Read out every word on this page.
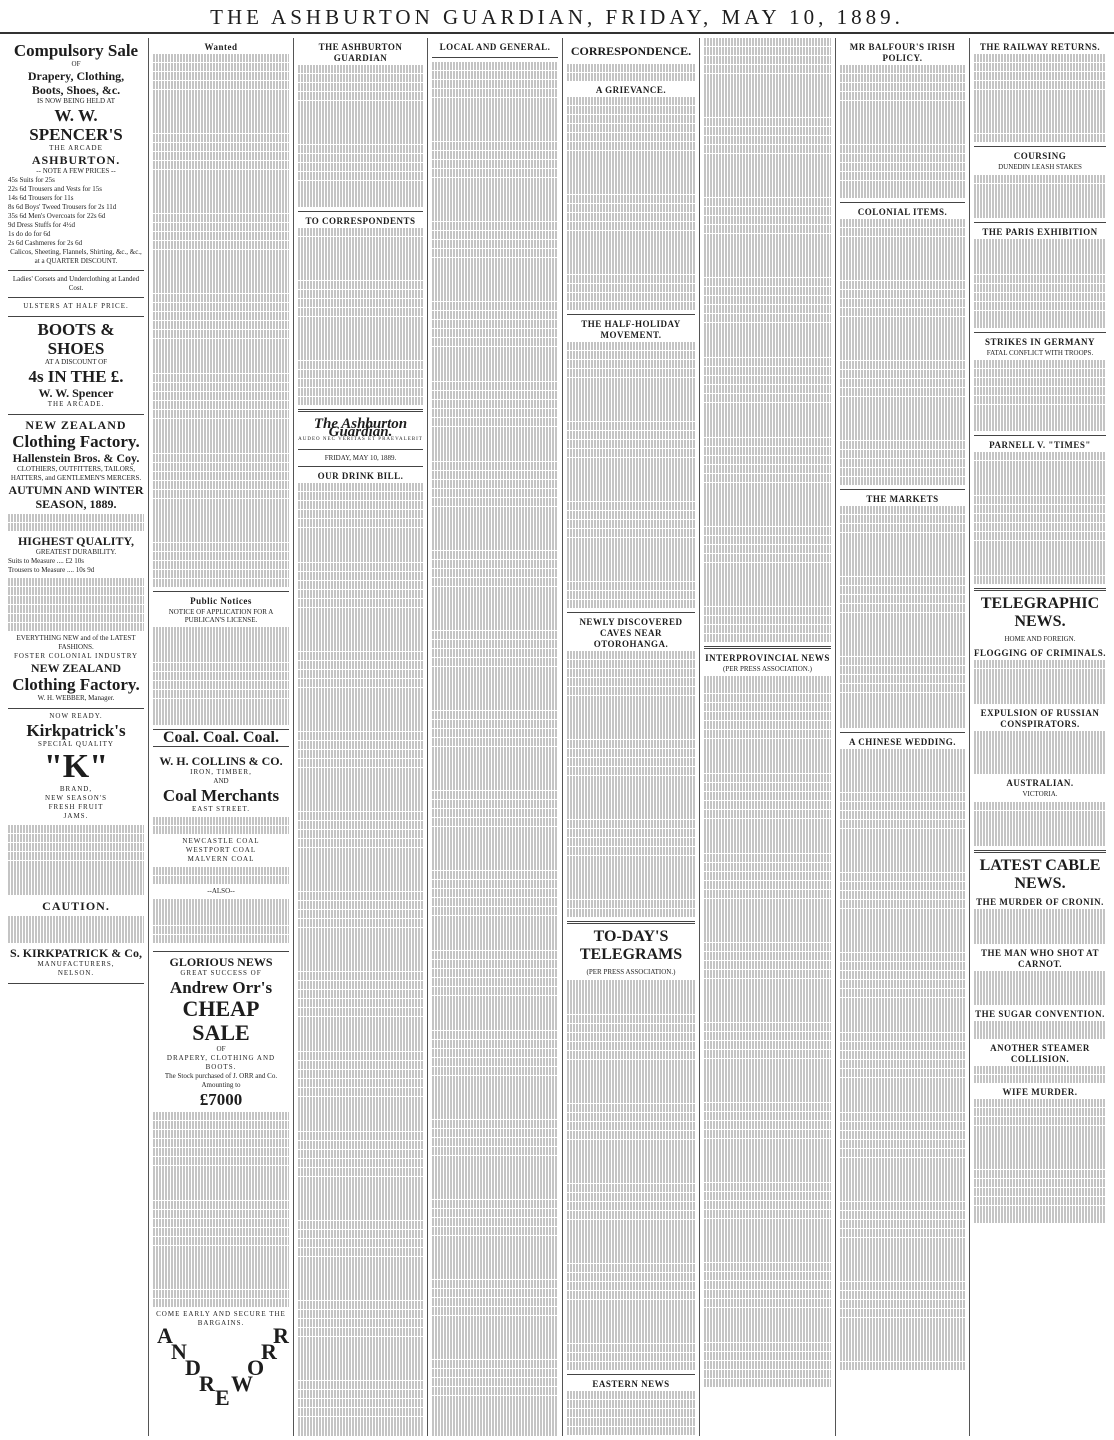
THE ASHBURTON GUARDIAN, FRIDAY, MAY 10, 1889.
Compulsory Sale
OF
Drapery, Clothing,
Boots, Shoes, &c.
IS NOW BEING HELD AT
W. W. SPENCER'S
THE ARCADE
ASHBURTON.
-- NOTE A FEW PRICES --
45s Suits for 25s
22s 6d Trousers and Vests for 15s
14s 6d Trousers for 11s
8s 6d Boys' Tweed Trousers for 2s 11d
35s 6d Men's Overcoats for 22s 6d
9d Dress Stuffs for 4½d
1s do do for 6d
2s 6d Cashmeres for 2s 6d
Calicos, Sheeting, Flannels, Shirting, &c., &c., at a QUARTER DISCOUNT.
Ladies' Corsets and Underclothing at Landed Cost.
ULSTERS AT HALF PRICE.
BOOTS & SHOES
AT A DISCOUNT OF
4s IN THE £.
W. W. Spencer
THE ARCADE.
NEW ZEALAND
Clothing Factory.
Hallenstein Bros. & Coy.
CLOTHIERS, OUTFITTERS, TAILORS, HATTERS, and GENTLEMEN'S MERCERS.
AUTUMN AND WINTER
SEASON, 1889.
HIGHEST QUALITY,
GREATEST DURABILITY.
Suits to Measure .... £2 10s
Trousers to Measure .... 10s 9d
EVERYTHING NEW and of the LATEST FASHIONS.
FOSTER COLONIAL INDUSTRY
NEW ZEALAND
Clothing Factory.
W. H. WEBBER, Manager.
NOW READY.
Kirkpatrick's
SPECIAL QUALITY
"K"
BRAND,
NEW SEASON'S
FRESH FRUIT
JAMS.
CAUTION.
S. KIRKPATRICK & Co,
MANUFACTURERS,
NELSON.
Wanted
Public Notices
NOTICE OF APPLICATION FOR A PUBLICAN'S LICENSE.
Coal. Coal. Coal.
W. H. COLLINS & CO.
IRON, TIMBER,
AND
Coal Merchants
EAST STREET.
NEWCASTLE COAL
WESTPORT COAL
MALVERN COAL
--ALSO--
GLORIOUS NEWS
GREAT SUCCESS OF
Andrew Orr's
CHEAP SALE
OF
DRAPERY, CLOTHING AND BOOTS.
The Stock purchased of J. ORR and Co. Amounting to
£7000
COME EARLY AND SECURE THE BARGAINS.
A
N
D
R
E
W
O
R
R
THE ASHBURTON GUARDIAN
TO CORRESPONDENTS
The Ashburton Guardian.
AUDEO NEC VERITAS ET PRAEVALEBIT
FRIDAY, MAY 10, 1889.
OUR DRINK BILL.
LOCAL AND GENERAL.	CORRESPONDENCE.
A GRIEVANCE.
THE HALF-HOLIDAY MOVEMENT.
NEWLY DISCOVERED CAVES NEAR OTOROHANGA.
TO-DAY'S TELEGRAMS
(PER PRESS ASSOCIATION.)
EASTERN NEWS
INTERPROVINCIAL NEWS
(PER PRESS ASSOCIATION.)
MR BALFOUR'S IRISH POLICY.
COLONIAL ITEMS.
THE MARKETS
A CHINESE WEDDING.
THE RAILWAY RETURNS.
COURSING
DUNEDIN LEASH STAKES
THE PARIS EXHIBITION
STRIKES IN GERMANY
FATAL CONFLICT WITH TROOPS.
PARNELL V. "TIMES"
TELEGRAPHIC NEWS.
HOME AND FOREIGN.
FLOGGING OF CRIMINALS.
EXPULSION OF RUSSIAN CONSPIRATORS.
AUSTRALIAN.
VICTORIA.
LATEST CABLE NEWS.
THE MURDER OF CRONIN.
THE MAN WHO SHOT AT CARNOT.
THE SUGAR CONVENTION.
ANOTHER STEAMER COLLISION.
WIFE MURDER.
